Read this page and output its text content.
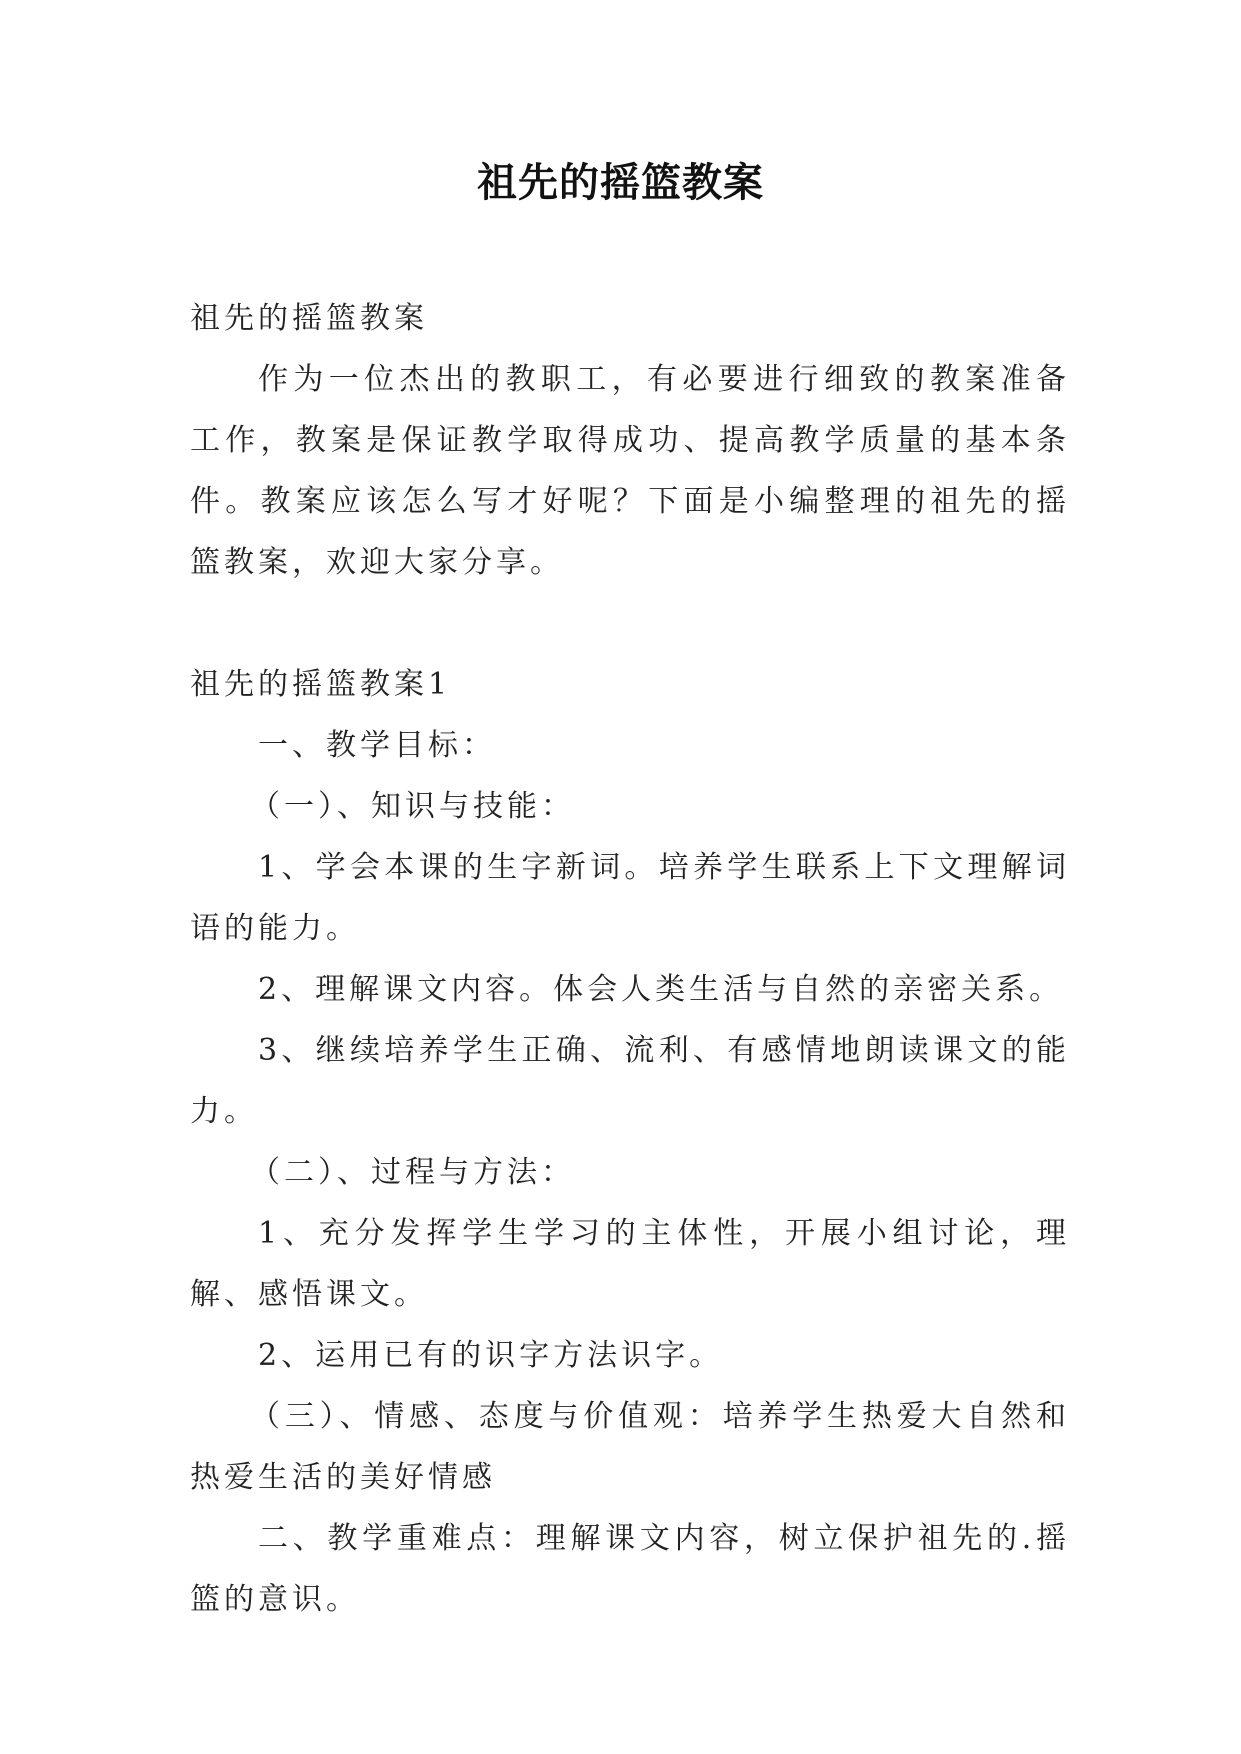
祖先的摇篮教案

祖先的摇篮教案

作为一位杰出的教职工，有必要进行细致的教案准备工作，教案是保证教学取得成功、提高教学质量的基本条件。教案应该怎么写才好呢？下面是小编整理的祖先的摇篮教案，欢迎大家分享。

祖先的摇篮教案1

一、教学目标：

（一）、知识与技能：

1、学会本课的生字新词。培养学生联系上下文理解词语的能力。

2、理解课文内容。体会人类生活与自然的亲密关系。

3、继续培养学生正确、流利、有感情地朗读课文的能力。

（二）、过程与方法：

1、充分发挥学生学习的主体性，开展小组讨论，理解、感悟课文。

2、运用已有的识字方法识字。

（三）、情感、态度与价值观：培养学生热爱大自然和热爱生活的美好情感

二、教学重难点：理解课文内容，树立保护祖先的.摇篮的意识。
